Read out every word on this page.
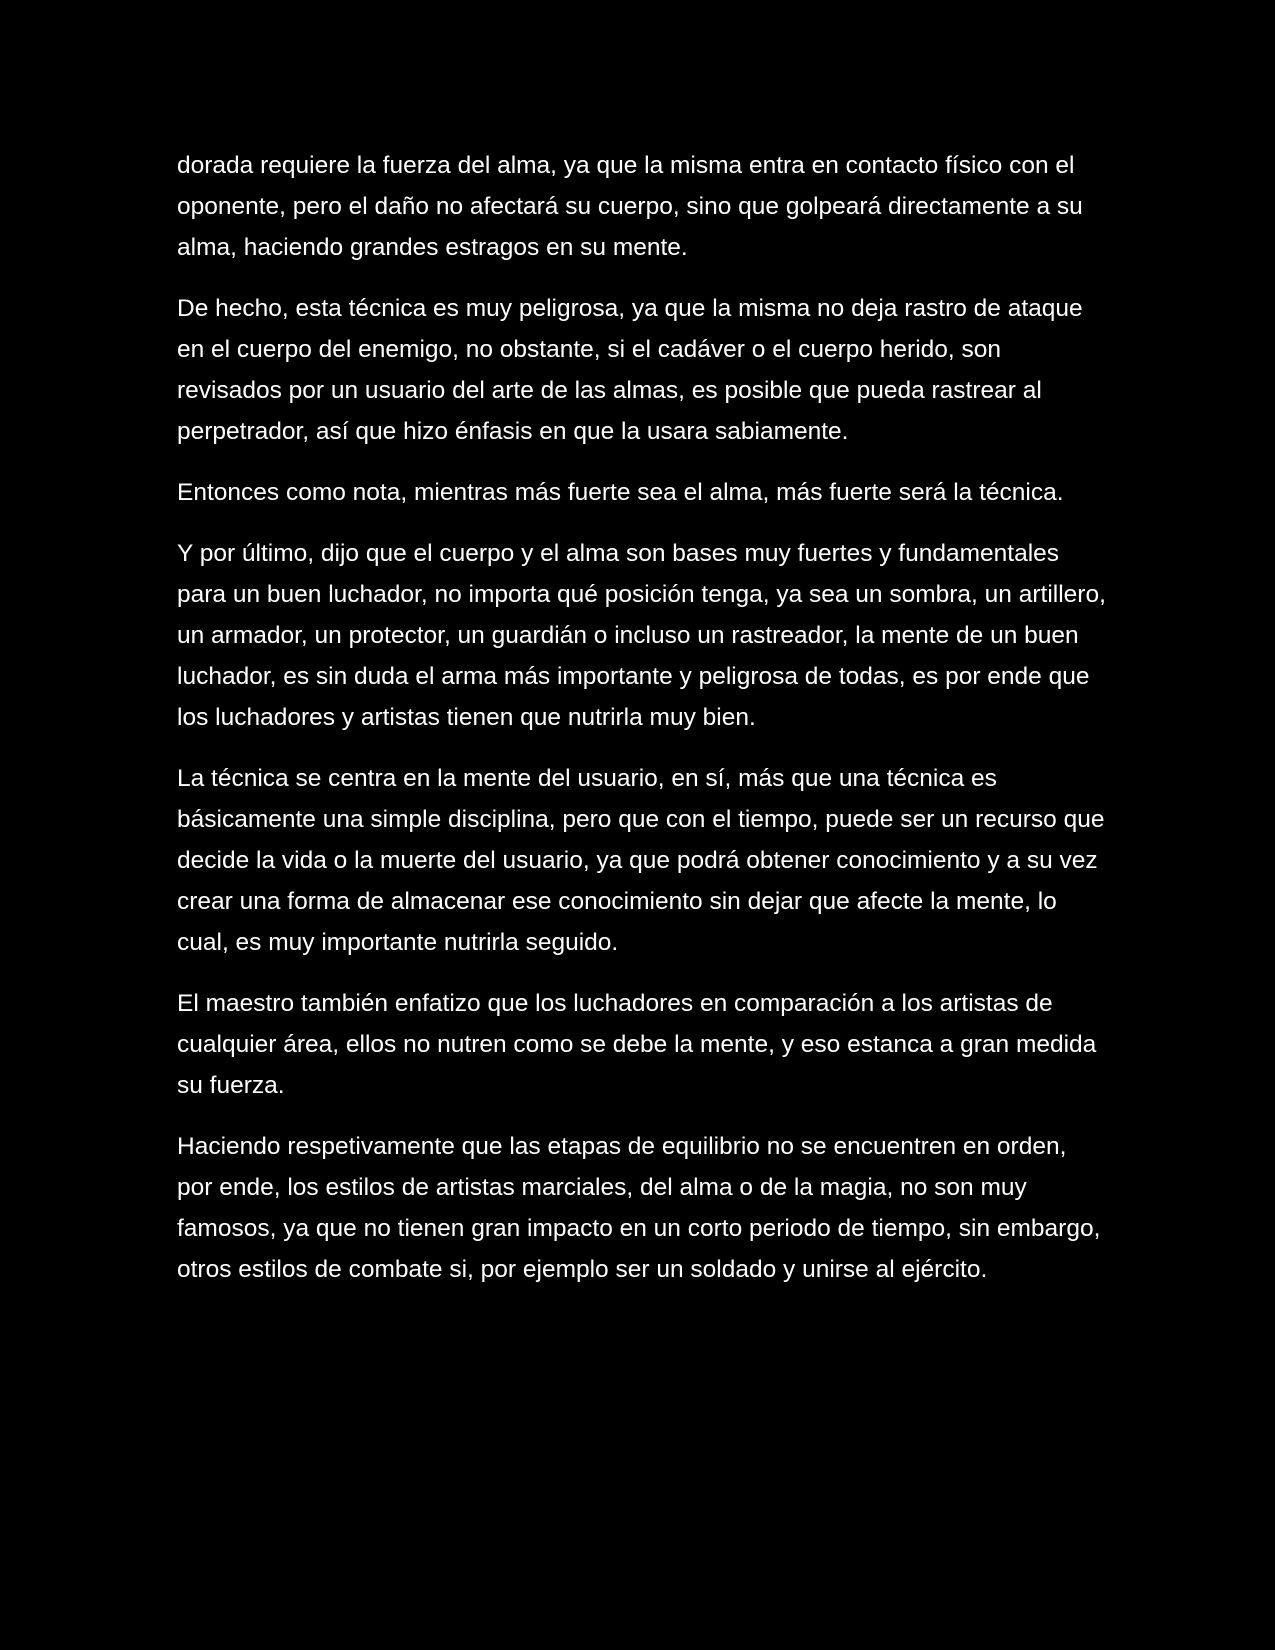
dorada requiere la fuerza del alma, ya que la misma entra en contacto físico con el oponente, pero el daño no afectará su cuerpo, sino que golpeará directamente a su alma, haciendo grandes estragos en su mente.

De hecho, esta técnica es muy peligrosa, ya que la misma no deja rastro de ataque en el cuerpo del enemigo, no obstante, si el cadáver o el cuerpo herido, son revisados por un usuario del arte de las almas, es posible que pueda rastrear al perpetrador, así que hizo énfasis en que la usara sabiamente.

Entonces como nota, mientras más fuerte sea el alma, más fuerte será la técnica.

Y por último, dijo que el cuerpo y el alma son bases muy fuertes y fundamentales para un buen luchador, no importa qué posición tenga, ya sea un sombra, un artillero, un armador, un protector, un guardián o incluso un rastreador, la mente de un buen luchador, es sin duda el arma más importante y peligrosa de todas, es por ende que los luchadores y artistas tienen que nutrirla muy bien.

La técnica se centra en la mente del usuario, en sí, más que una técnica es básicamente una simple disciplina, pero que con el tiempo, puede ser un recurso que decide la vida o la muerte del usuario, ya que podrá obtener conocimiento y a su vez crear una forma de almacenar ese conocimiento sin dejar que afecte la mente, lo cual, es muy importante nutrirla seguido.

El maestro también enfatizo que los luchadores en comparación a los artistas de cualquier área, ellos no nutren como se debe la mente, y eso estanca a gran medida su fuerza.

Haciendo respetivamente que las etapas de equilibrio no se encuentren en orden, por ende, los estilos de artistas marciales, del alma o de la magia, no son muy famosos, ya que no tienen gran impacto en un corto periodo de tiempo, sin embargo, otros estilos de combate si, por ejemplo ser un soldado y unirse al ejército.
